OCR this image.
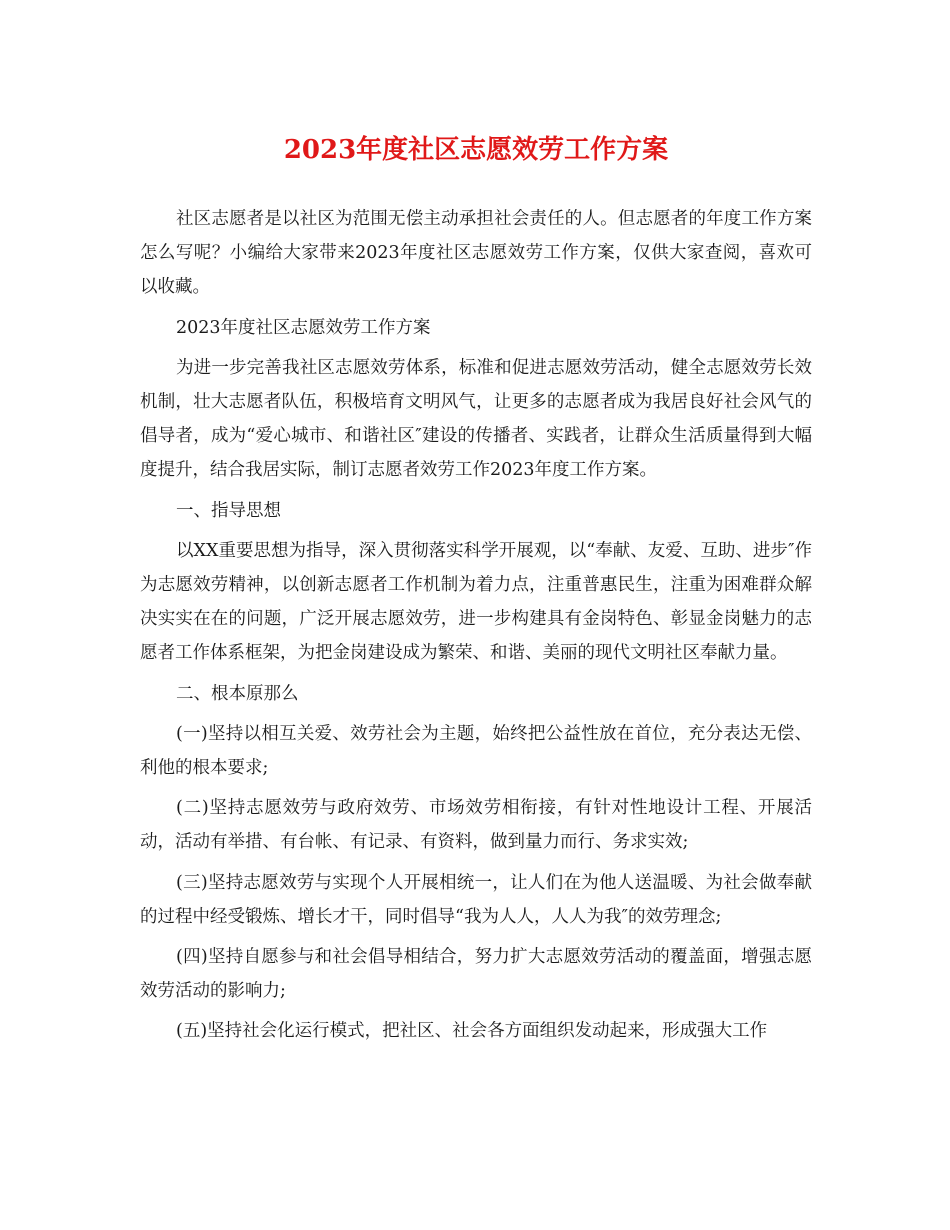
2023年度社区志愿效劳工作方案

社区志愿者是以社区为范围无偿主动承担社会责任的人。但志愿者的年度工作方案怎么写呢？小编给大家带来2023年度社区志愿效劳工作方案，仅供大家查阅，喜欢可以收藏。

2023年度社区志愿效劳工作方案

为进一步完善我社区志愿效劳体系，标准和促进志愿效劳活动，健全志愿效劳长效机制，壮大志愿者队伍，积极培育文明风气，让更多的志愿者成为我居良好社会风气的倡导者，成为“爱心城市、和谐社区″建设的传播者、实践者，让群众生活质量得到大幅度提升，结合我居实际，制订志愿者效劳工作2023年度工作方案。

一、指导思想

以XX重要思想为指导，深入贯彻落实科学开展观，以“奉献、友爱、互助、进步″作为志愿效劳精神，以创新志愿者工作机制为着力点，注重普惠民生，注重为困难群众解决实实在在的问题，广泛开展志愿效劳，进一步构建具有金岗特色、彰显金岗魅力的志愿者工作体系框架，为把金岗建设成为繁荣、和谐、美丽的现代文明社区奉献力量。

二、根本原那么

(一)坚持以相互关爱、效劳社会为主题，始终把公益性放在首位，充分表达无偿、利他的根本要求;

(二)坚持志愿效劳与政府效劳、市场效劳相衔接，有针对性地设计工程、开展活动，活动有举措、有台帐、有记录、有资料，做到量力而行、务求实效;

(三)坚持志愿效劳与实现个人开展相统一，让人们在为他人送温暖、为社会做奉献的过程中经受锻炼、增长才干，同时倡导“我为人人，人人为我″的效劳理念;

(四)坚持自愿参与和社会倡导相结合，努力扩大志愿效劳活动的覆盖面，增强志愿效劳活动的影响力;

(五)坚持社会化运行模式，把社区、社会各方面组织发动起来，形成强大工作
